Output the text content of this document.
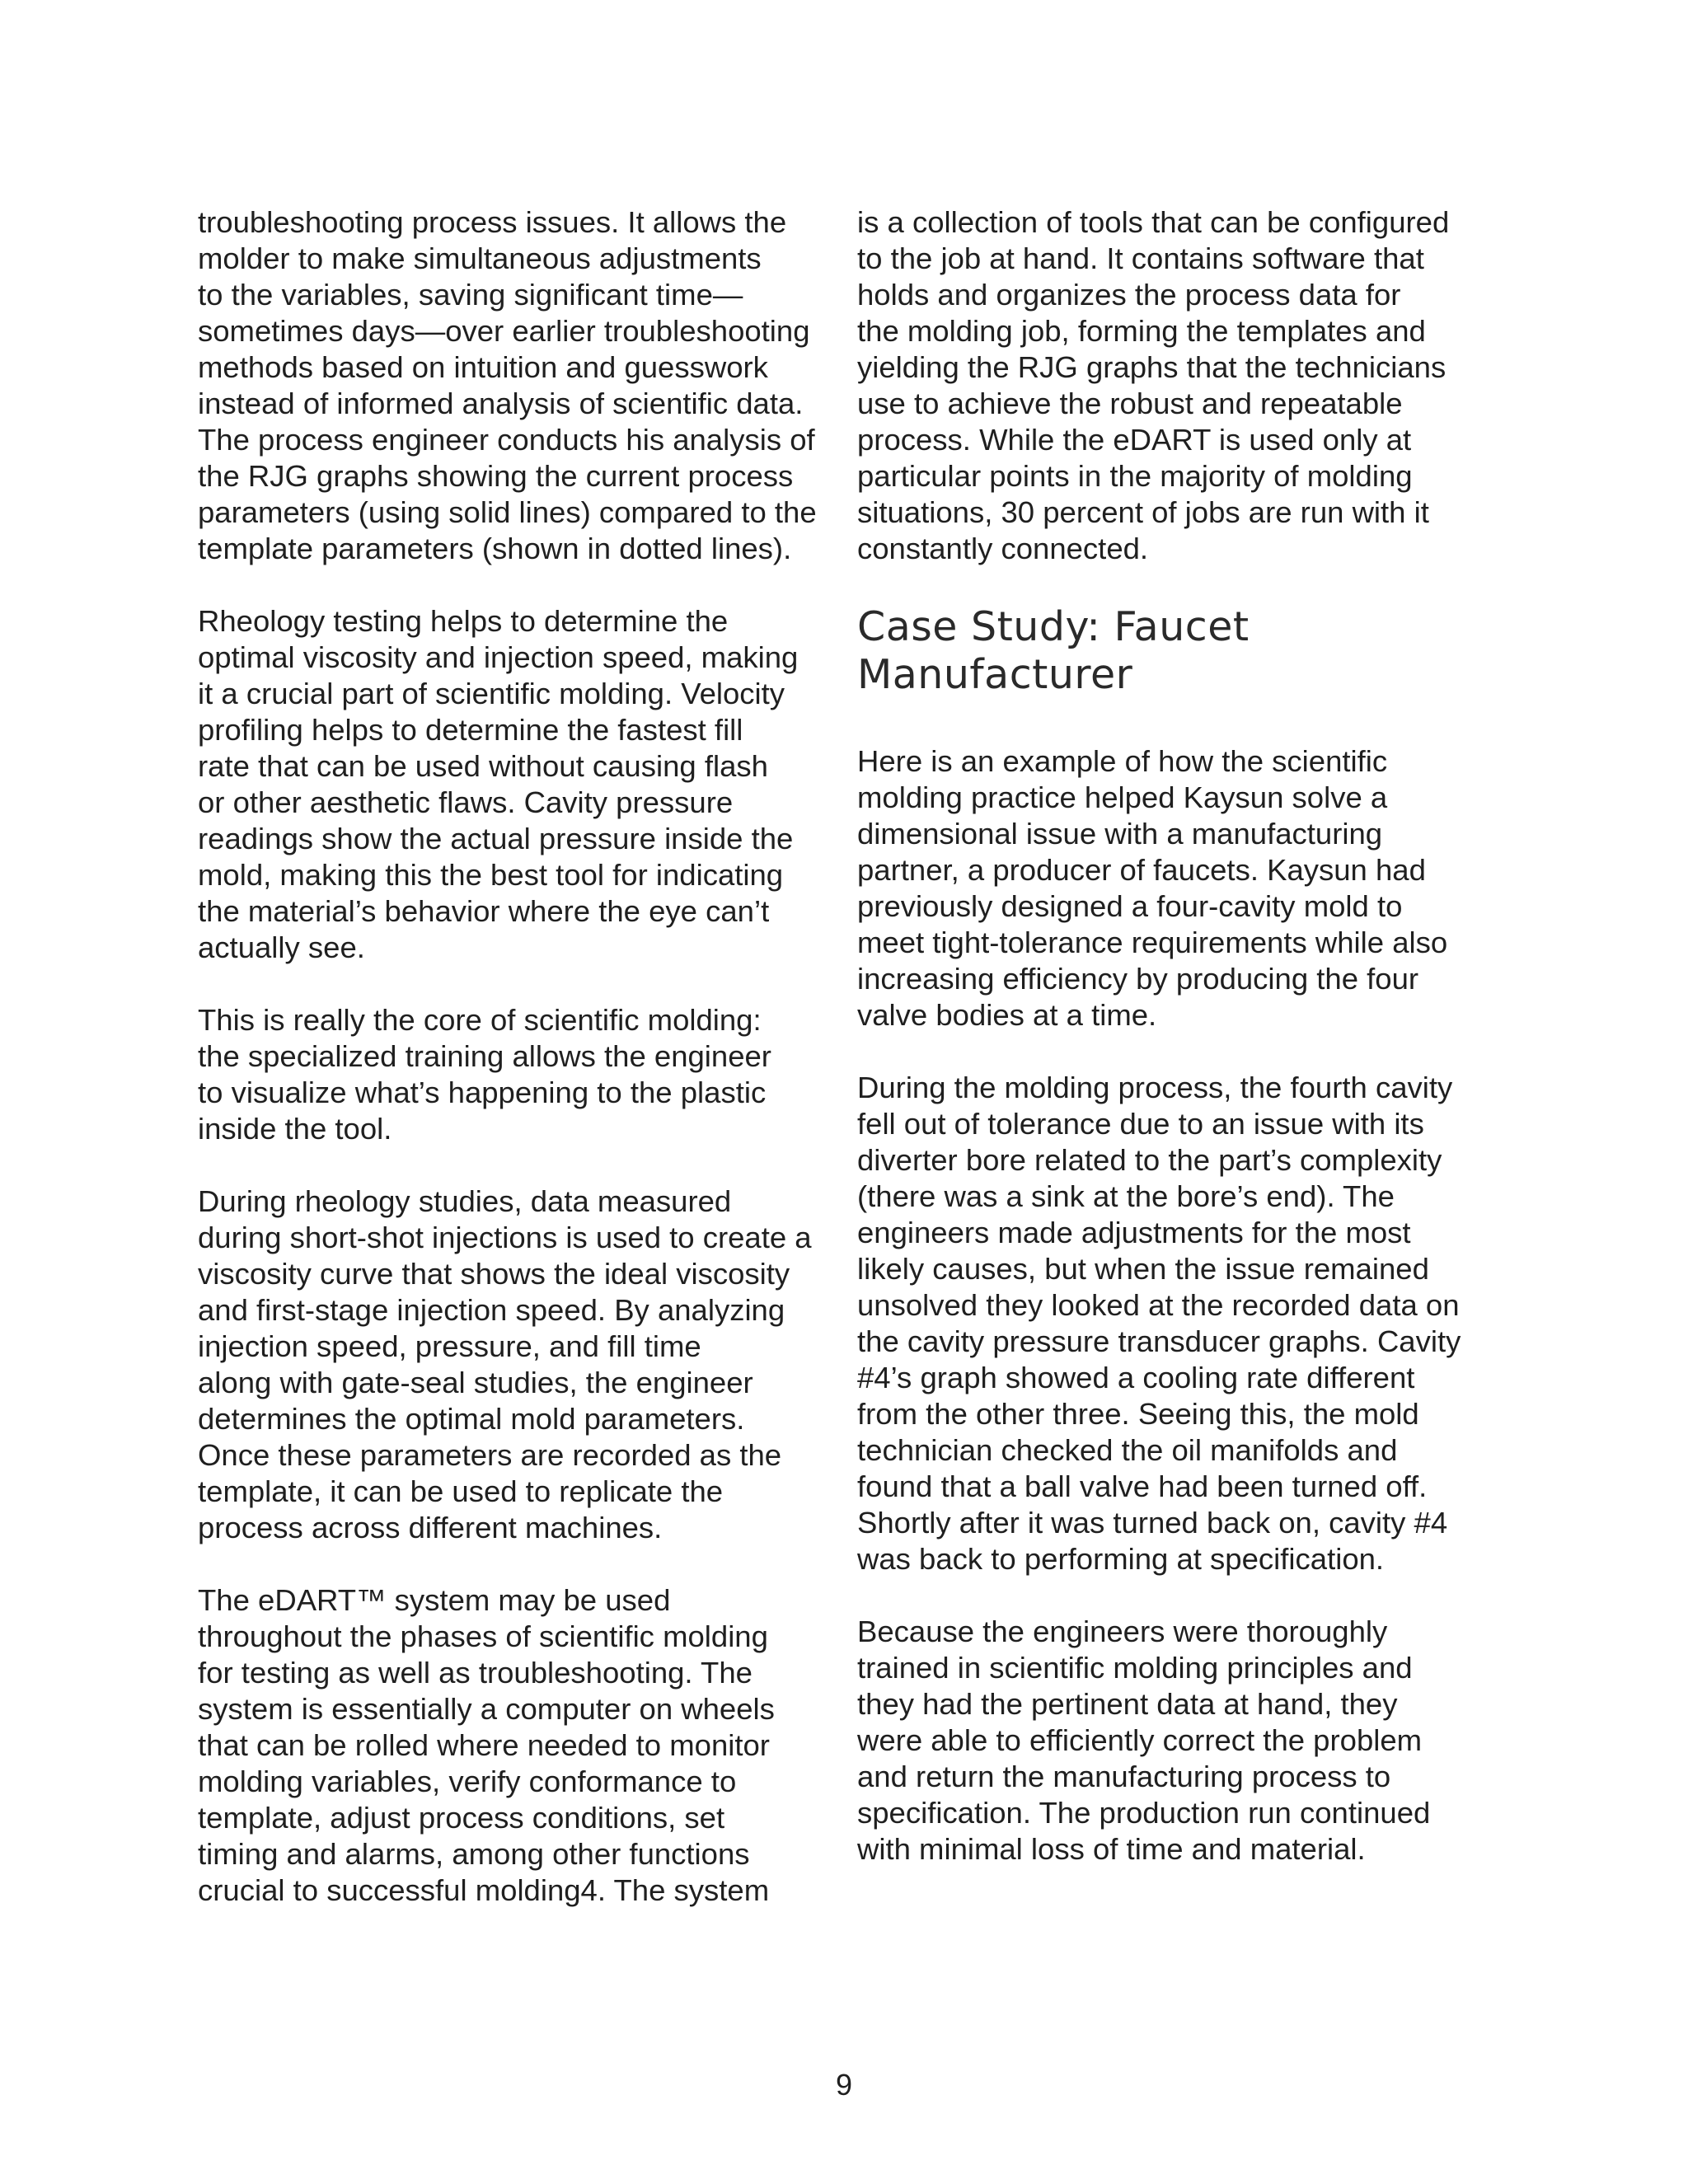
troubleshooting process issues. It allows the
molder to make simultaneous adjustments
to the variables, saving significant time—
sometimes days—over earlier troubleshooting
methods based on intuition and guesswork
instead of informed analysis of scientific data.
The process engineer conducts his analysis of
the RJG graphs showing the current process
parameters (using solid lines) compared to the
template parameters (shown in dotted lines).

Rheology testing helps to determine the
optimal viscosity and injection speed, making
it a crucial part of scientific molding. Velocity
profiling helps to determine the fastest fill
rate that can be used without causing flash
or other aesthetic flaws. Cavity pressure
readings show the actual pressure inside the
mold, making this the best tool for indicating
the material’s behavior where the eye can’t
actually see.

This is really the core of scientific molding:
the specialized training allows the engineer
to visualize what’s happening to the plastic
inside the tool.

During rheology studies, data measured
during short-shot injections is used to create a
viscosity curve that shows the ideal viscosity
and first-stage injection speed. By analyzing
injection speed, pressure, and fill time
along with gate-seal studies, the engineer
determines the optimal mold parameters.
Once these parameters are recorded as the
template, it can be used to replicate the
process across different machines.

The eDART™ system may be used
throughout the phases of scientific molding
for testing as well as troubleshooting. The
system is essentially a computer on wheels
that can be rolled where needed to monitor
molding variables, verify conformance to
template, adjust process conditions, set
timing and alarms, among other functions
crucial to successful molding4. The system

is a collection of tools that can be configured
to the job at hand. It contains software that
holds and organizes the process data for
the molding job, forming the templates and
yielding the RJG graphs that the technicians
use to achieve the robust and repeatable
process. While the eDART is used only at
particular points in the majority of molding
situations, 30 percent of jobs are run with it
constantly connected.

Case Study: Faucet
Manufacturer

Here is an example of how the scientific
molding practice helped Kaysun solve a
dimensional issue with a manufacturing
partner, a producer of faucets. Kaysun had
previously designed a four-cavity mold to
meet tight-tolerance requirements while also
increasing efficiency by producing the four
valve bodies at a time.

During the molding process, the fourth cavity
fell out of tolerance due to an issue with its
diverter bore related to the part’s complexity
(there was a sink at the bore’s end). The
engineers made adjustments for the most
likely causes, but when the issue remained
unsolved they looked at the recorded data on
the cavity pressure transducer graphs. Cavity
#4’s graph showed a cooling rate different
from the other three. Seeing this, the mold
technician checked the oil manifolds and
found that a ball valve had been turned off.
Shortly after it was turned back on, cavity #4
was back to performing at specification.

Because the engineers were thoroughly
trained in scientific molding principles and
they had the pertinent data at hand, they
were able to efficiently correct the problem
and return the manufacturing process to
specification. The production run continued
with minimal loss of time and material.

9
